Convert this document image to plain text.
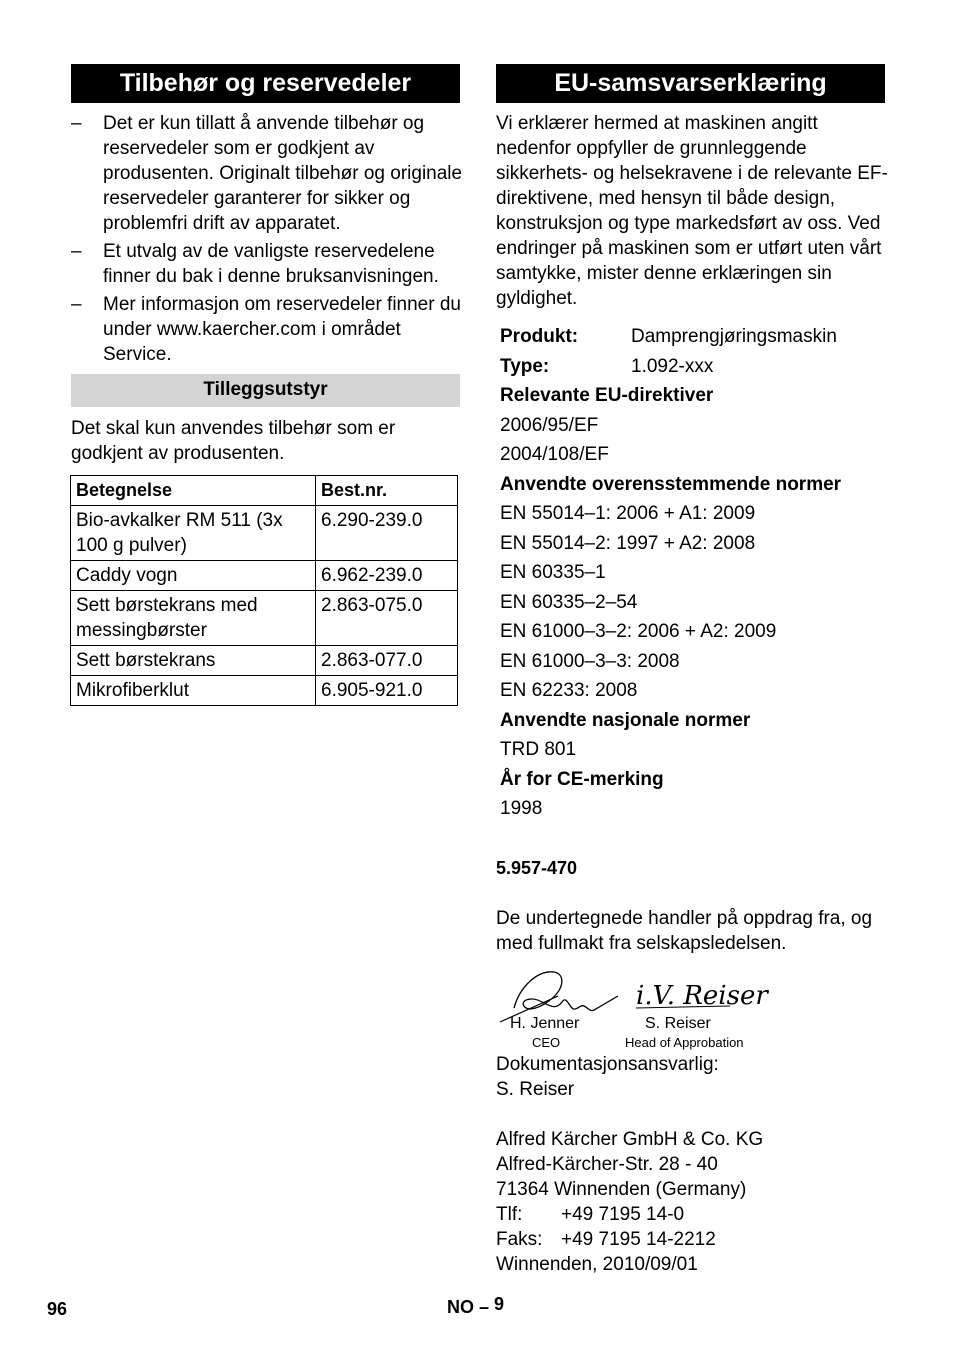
Tilbehør og reservedeler
– Det er kun tillatt å anvende tilbehør og reservedeler som er godkjent av produsenten. Originalt tilbehør og originale reservedeler garanterer for sikker og problemfri drift av apparatet.
– Et utvalg av de vanligste reservedelene finner du bak i denne bruksanvisningen.
– Mer informasjon om reservedeler finner du under www.kaercher.com i området Service.
Tilleggsutstyr
Det skal kun anvendes tilbehør som er godkjent av produsenten.
Betegnelse	Best.nr.
Bio-avkalker RM 511 (3x 100 g pulver)	6.290-239.0
Caddy vogn	6.962-239.0
Sett børstekrans med messingbørster	2.863-075.0
Sett børstekrans	2.863-077.0
Mikrofiberklut	6.905-921.0
EU-samsvarserklæring
Vi erklærer hermed at maskinen angitt nedenfor oppfyller de grunnleggende sikkerhets- og helsekravene i de relevante EF-direktivene, med hensyn til både design, konstruksjon og type markedsført av oss. Ved endringer på maskinen som er utført uten vårt samtykke, mister denne erklæringen sin gyldighet.
Produkt:	Damprengjøringsmaskin
Type:	1.092-xxx
Relevante EU-direktiver
2006/95/EF
2004/108/EF
Anvendte overensstemmende normer
EN 55014–1: 2006 + A1: 2009
EN 55014–2: 1997 + A2: 2008
EN 60335–1
EN 60335–2–54
EN 61000–3–2: 2006 + A2: 2009
EN 61000–3–3: 2008
EN 62233: 2008
Anvendte nasjonale normer
TRD 801
År for CE-merking
1998
5.957-470
De undertegnede handler på oppdrag fra, og med fullmakt fra selskapsledelsen.
i.V. Reiser
H. Jenner
CEO
S. Reiser
Head of Approbation
Dokumentasjonsansvarlig:
S. Reiser
Alfred Kärcher GmbH & Co. KG
Alfred-Kärcher-Str. 28 - 40
71364 Winnenden (Germany)
Tlf: +49 7195 14-0
Faks: +49 7195 14-2212
Winnenden, 2010/09/01
96	NO – 9
